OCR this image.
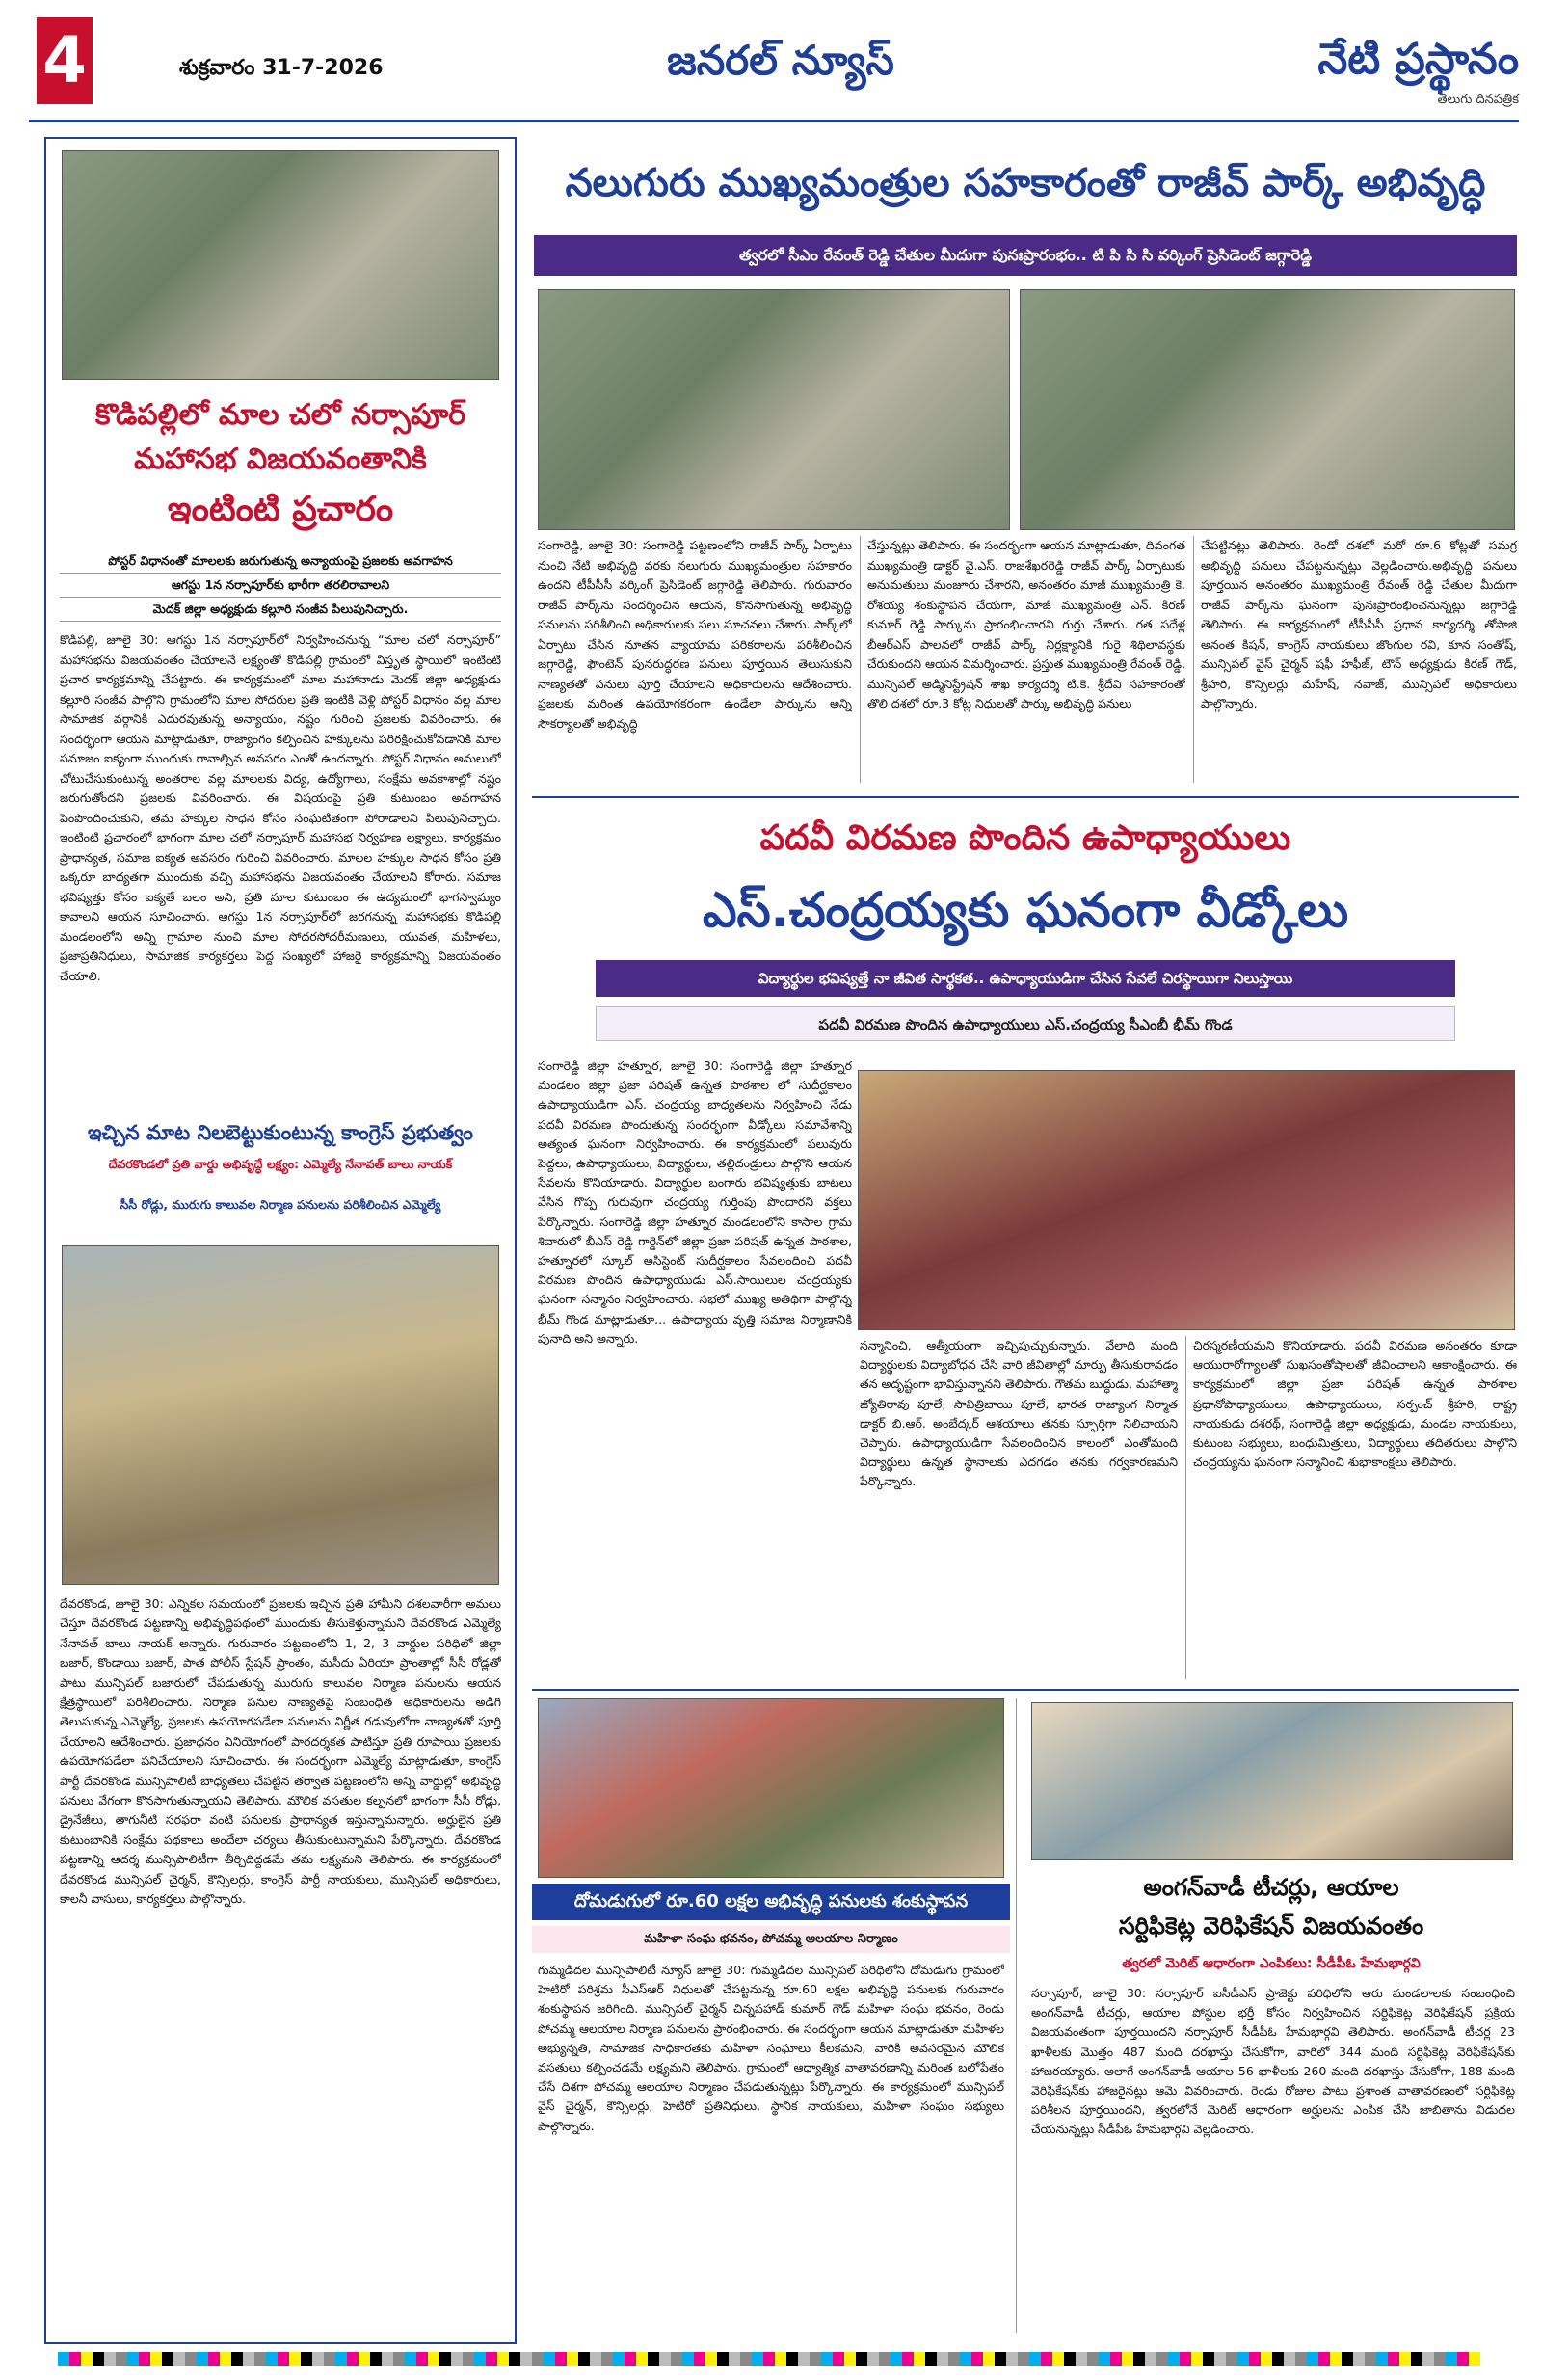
4	శుక్రవారం 31-7-2026	జనరల్ న్యూస్	నేటి ప్రస్థానం
తెలుగు దినపత్రిక
కొడిపల్లిలో మాల చలో నర్సాపూర్
మహాసభ విజయవంతానికి
ఇంటింటి ప్రచారం
పోస్టర్ విధానంతో మాలలకు జరుగుతున్న అన్యాయంపై ప్రజలకు అవగాహన
ఆగస్టు 1న నర్సాపూర్‌కు భారీగా తరలిరావాలని
మెదక్ జిల్లా అధ్యక్షుడు కల్లూరి సంజీవ పిలుపునిచ్చారు.
కొడిపల్లి, జూలై 30: ఆగస్టు 1న నర్సాపూర్‌లో నిర్వహించనున్న “మాల చలో నర్సాపూర్” మహాసభను విజయవంతం చేయాలనే లక్ష్యంతో కొడిపల్లి గ్రామంలో విస్తృత స్థాయిలో ఇంటింటి ప్రచార కార్యక్రమాన్ని చేపట్టారు. ఈ కార్యక్రమంలో మాల మహానాడు మెదక్ జిల్లా అధ్యక్షుడు కల్లూరి సంజీవ పాల్గొని గ్రామంలోని మాల సోదరుల ప్రతి ఇంటికి వెళ్లి పోస్టర్ విధానం వల్ల మాల సామాజిక వర్గానికి ఎదురవుతున్న అన్యాయం, నష్టం గురించి ప్రజలకు వివరించారు. ఈ సందర్భంగా ఆయన మాట్లాడుతూ, రాజ్యాంగం కల్పించిన హక్కులను పరిరక్షించుకోవడానికి మాల సమాజం ఐక్యంగా ముందుకు రావాల్సిన అవసరం ఎంతో ఉందన్నారు. పోస్టర్ విధానం అమలులో చోటుచేసుకుంటున్న అంతరాల వల్ల మాలలకు విద్య, ఉద్యోగాలు, సంక్షేమ అవకాశాల్లో నష్టం జరుగుతోందని ప్రజలకు వివరించారు. ఈ విషయంపై ప్రతి కుటుంబం అవగాహన పెంపొందించుకుని, తమ హక్కుల సాధన కోసం సంఘటితంగా పోరాడాలని పిలుపునిచ్చారు. ఇంటింటి ప్రచారంలో భాగంగా మాల చలో నర్సాపూర్ మహాసభ నిర్వహణ లక్ష్యాలు, కార్యక్రమం ప్రాధాన్యత, సమాజ ఐక్యత అవసరం గురించి వివరించారు. మాలల హక్కుల సాధన కోసం ప్రతి ఒక్కరూ బాధ్యతగా ముందుకు వచ్చి మహాసభను విజయవంతం చేయాలని కోరారు. సమాజ భవిష్యత్తు కోసం ఐక్యతే బలం అని, ప్రతి మాల కుటుంబం ఈ ఉద్యమంలో భాగస్వామ్యం కావాలని ఆయన సూచించారు. ఆగస్టు 1న నర్సాపూర్‌లో జరగనున్న మహాసభకు కొడిపల్లి మండలంలోని అన్ని గ్రామాల నుంచి మాల సోదరసోదరీమణులు, యువత, మహిళలు, ప్రజాప్రతినిధులు, సామాజిక కార్యకర్తలు పెద్ద సంఖ్యలో హాజరై కార్యక్రమాన్ని విజయవంతం చేయాలి.
ఇచ్చిన మాట నిలబెట్టుకుంటున్న కాంగ్రెస్ ప్రభుత్వం
దేవరకొండలో ప్రతి వార్డు అభివృద్ధే లక్ష్యం: ఎమ్మెల్యే నేనావత్ బాలు నాయక్
సీసీ రోడ్లు, మురుగు కాలువల నిర్మాణ పనులను పరిశీలించిన ఎమ్మెల్యే
దేవరకొండ, జూలై 30: ఎన్నికల సమయంలో ప్రజలకు ఇచ్చిన ప్రతి హామీని దశలవారీగా అమలు చేస్తూ దేవరకొండ పట్టణాన్ని అభివృద్ధిపథంలో ముందుకు తీసుకెళ్తున్నామని దేవరకొండ ఎమ్మెల్యే నేనావత్ బాలు నాయక్ అన్నారు. గురువారం పట్టణంలోని 1, 2, 3 వార్డుల పరిధిలో జిల్లా బజార్, కొండాయి బజార్, పాత పోలీస్ స్టేషన్ ప్రాంతం, మసీదు ఏరియా ప్రాంతాల్లో సీసీ రోడ్లతో పాటు మున్సిపల్ బజారులో చేపడుతున్న మురుగు కాలువల నిర్మాణ పనులను ఆయన క్షేత్రస్థాయిలో పరిశీలించారు. నిర్మాణ పనుల నాణ్యతపై సంబంధిత అధికారులను అడిగి తెలుసుకున్న ఎమ్మెల్యే, ప్రజలకు ఉపయోగపడేలా పనులను నిర్ణీత గడువులోగా నాణ్యతతో పూర్తి చేయాలని ఆదేశించారు. ప్రజాధనం వినియోగంలో పారదర్శకత పాటిస్తూ ప్రతి రూపాయి ప్రజలకు ఉపయోగపడేలా పనిచేయాలని సూచించారు. ఈ సందర్భంగా ఎమ్మెల్యే మాట్లాడుతూ, కాంగ్రెస్ పార్టీ దేవరకొండ మున్సిపాలిటీ బాధ్యతలు చేపట్టిన తర్వాత పట్టణంలోని అన్ని వార్డుల్లో అభివృద్ధి పనులు వేగంగా కొనసాగుతున్నాయని తెలిపారు. మౌలిక వసతుల కల్పనలో భాగంగా సీసీ రోడ్లు, డ్రైనేజీలు, తాగునీటి సరఫరా వంటి పనులకు ప్రాధాన్యత ఇస్తున్నామన్నారు. అర్హులైన ప్రతి కుటుంబానికి సంక్షేమ పథకాలు అందేలా చర్యలు తీసుకుంటున్నామని పేర్కొన్నారు. దేవరకొండ పట్టణాన్ని ఆదర్శ మున్సిపాలిటీగా తీర్చిదిద్దడమే తమ లక్ష్యమని తెలిపారు. ఈ కార్యక్రమంలో దేవరకొండ మున్సిపల్ చైర్మన్, కౌన్సిలర్లు, కాంగ్రెస్ పార్టీ నాయకులు, మున్సిపల్ అధికారులు, కాలనీ వాసులు, కార్యకర్తలు పాల్గొన్నారు.
నలుగురు ముఖ్యమంత్రుల సహకారంతో రాజీవ్ పార్క్ అభివృద్ధి
త్వరలో సీఎం రేవంత్ రెడ్డి చేతుల మీదుగా పునఃప్రారంభం.. టి పి సి సి వర్కింగ్ ప్రెసిడెంట్ జగ్గారెడ్డి
సంగారెడ్డి, జూలై 30: సంగారెడ్డి పట్టణంలోని రాజీవ్ పార్క్ ఏర్పాటు నుంచి నేటి అభివృద్ధి వరకు నలుగురు ముఖ్యమంత్రుల సహకారం ఉందని టీపీసీసీ వర్కింగ్ ప్రెసిడెంట్ జగ్గారెడ్డి తెలిపారు. గురువారం రాజీవ్ పార్క్‌ను సందర్శించిన ఆయన, కొనసాగుతున్న అభివృద్ధి పనులను పరిశీలించి అధికారులకు పలు సూచనలు చేశారు. పార్క్‌లో ఏర్పాటు చేసిన నూతన వ్యాయామ పరికరాలను పరిశీలించిన జగ్గారెడ్డి, ఫౌంటెన్ పునరుద్ధరణ పనులు పూర్తయిన తెలుసుకుని నాణ్యతతో పనులు పూర్తి చేయాలని అధికారులను ఆదేశించారు. ప్రజలకు మరింత ఉపయోగకరంగా ఉండేలా పార్కును అన్ని సౌకర్యాలతో అభివృద్ధి
చేస్తున్నట్లు తెలిపారు. ఈ సందర్భంగా ఆయన మాట్లాడుతూ, దివంగత ముఖ్యమంత్రి డాక్టర్ వై.ఎస్. రాజశేఖరరెడ్డి రాజీవ్ పార్క్ ఏర్పాటుకు అనుమతులు మంజూరు చేశారని, అనంతరం మాజీ ముఖ్యమంత్రి కె. రోశయ్య శంకుస్థాపన చేయగా, మాజీ ముఖ్యమంత్రి ఎన్. కిరణ్ కుమార్ రెడ్డి పార్కును ప్రారంభించారని గుర్తు చేశారు. గత పదేళ్ల బీఆర్ఎస్ పాలనలో రాజీవ్ పార్క్ నిర్లక్ష్యానికి గురై శిథిలావస్థకు చేరుకుందని ఆయన విమర్శించారు. ప్రస్తుత ముఖ్యమంత్రి రేవంత్ రెడ్డి, మున్సిపల్ అడ్మినిస్ట్రేషన్ శాఖ కార్యదర్శి టి.కె. శ్రీదేవి సహకారంతో తొలి దశలో రూ.3 కోట్ల నిధులతో పార్కు అభివృద్ధి పనులు
చేపట్టినట్లు తెలిపారు. రెండో దశలో మరో రూ.6 కోట్లతో సమగ్ర అభివృద్ధి పనులు చేపట్టనున్నట్లు వెల్లడించారు.అభివృద్ధి పనులు పూర్తయిన అనంతరం ముఖ్యమంత్రి రేవంత్ రెడ్డి చేతుల మీదుగా రాజీవ్ పార్క్‌ను ఘనంగా పునఃప్రారంభించనున్నట్లు జగ్గారెడ్డి తెలిపారు. ఈ కార్యక్రమంలో టీపీసీసీ ప్రధాన కార్యదర్శి తోపాజి అనంత కిషన్, కాంగ్రెస్ నాయకులు జొంగుల రవి, కూన సంతోష్, మున్సిపల్ వైస్ చైర్మన్ షఫీ హఫీజ్, టౌన్ అధ్యక్షుడు కిరణ్ గౌడ్, శ్రీహరి, కౌన్సిలర్లు మహేష్, నవాజ్, మున్సిపల్ అధికారులు పాల్గొన్నారు.
పదవీ విరమణ పొందిన ఉపాధ్యాయులు
ఎస్.చంద్రయ్యకు ఘనంగా వీడ్కోలు
విద్యార్థుల భవిష్యత్తే నా జీవిత సార్థకత.. ఉపాధ్యాయుడిగా చేసిన సేవలే చిరస్థాయిగా నిలుస్తాయి
పదవీ విరమణ పొందిన ఉపాధ్యాయులు ఎస్.చంద్రయ్య సీఎంబీ భీమ్ గొండ
సంగారెడ్డి జిల్లా హత్నూర, జూలై 30: సంగారెడ్డి జిల్లా హత్నూర మండలం జిల్లా ప్రజా పరిషత్ ఉన్నత పాఠశాల లో సుదీర్ఘకాలం ఉపాధ్యాయుడిగా ఎస్. చంద్రయ్య బాధ్యతలను నిర్వహించి నేడు పదవీ విరమణ పొందుతున్న సందర్భంగా వీడ్కోలు సమావేశాన్ని అత్యంత ఘనంగా నిర్వహించారు. ఈ కార్యక్రమంలో పలువురు పెద్దలు, ఉపాధ్యాయులు, విద్యార్థులు, తల్లిదండ్రులు పాల్గొని ఆయన సేవలను కొనియాడారు. విద్యార్థుల బంగారు భవిష్యత్తుకు బాటలు వేసిన గొప్ప గురువుగా చంద్రయ్య గుర్తింపు పొందారని వక్తలు పేర్కొన్నారు. సంగారెడ్డి జిల్లా హత్నూర మండలంలోని కాసాల గ్రామ శివారులో బీఎస్ రెడ్డి గార్డెన్‌లో జిల్లా ప్రజా పరిషత్ ఉన్నత పాఠశాల, హత్నూరలో స్కూల్ అసిస్టెంట్ సుదీర్ఘకాలం సేవలందించి పదవీ విరమణ పొందిన ఉపాధ్యాయుడు ఎస్.సాయిలుల చంద్రయ్యకు ఘనంగా సన్మానం నిర్వహించారు. సభలో ముఖ్య అతిథిగా పాల్గొన్న భీమ్ గొండ మాట్లాడుతూ... ఉపాధ్యాయ వృత్తి సమాజ నిర్మాణానికి పునాది అని అన్నారు.	సన్మానించి, ఆత్మీయంగా ఇచ్చిపుచ్చుకున్నారు. వేలాది మంది విద్యార్థులకు విద్యాబోధన చేసి వారి జీవితాల్లో మార్పు తీసుకురావడం తన అదృష్టంగా భావిస్తున్నానని తెలిపారు. గౌతమ బుద్ధుడు, మహాత్మా జ్యోతిరావు పూలే, సావిత్రిబాయి పూలే, భారత రాజ్యాంగ నిర్మాత డాక్టర్ బి.ఆర్. అంబేద్కర్ ఆశయాలు తనకు స్ఫూర్తిగా నిలిచాయని చెప్పారు. ఉపాధ్యాయుడిగా సేవలందించిన కాలంలో ఎంతోమంది విద్యార్థులు ఉన్నత స్థానాలకు ఎదగడం తనకు గర్వకారణమని పేర్కొన్నారు.
చిరస్మరణీయమని కొనియాడారు. పదవీ విరమణ అనంతరం కూడా ఆయురారోగ్యాలతో సుఖసంతోషాలతో జీవించాలని ఆకాంక్షించారు. ఈ కార్యక్రమంలో జిల్లా ప్రజా పరిషత్ ఉన్నత పాఠశాల ప్రధానోపాధ్యాయులు, ఉపాధ్యాయులు, సర్పంచ్ శ్రీహరి, రాష్ట్ర నాయకుడు దశరథ్, సంగారెడ్డి జిల్లా అధ్యక్షుడు, మండల నాయకులు, కుటుంబ సభ్యులు, బంధుమిత్రులు, విద్యార్థులు తదితరులు పాల్గొని చంద్రయ్యను ఘనంగా సన్మానించి శుభాకాంక్షలు తెలిపారు.
దోమడుగులో రూ.60 లక్షల అభివృద్ధి పనులకు శంకుస్థాపన
మహిళా సంఘ భవనం, పోచమ్మ ఆలయాల నిర్మాణం
గుమ్మడిదల మున్సిపాలిటీ న్యూస్ జూలై 30: గుమ్మడిదల మున్సిపల్ పరిధిలోని దోమడుగు గ్రామంలో హెటిరో పరిశ్రమ సీఎస్ఆర్ నిధులతో చేపట్టనున్న రూ.60 లక్షల అభివృద్ధి పనులకు గురువారం శంకుస్థాపన జరిగింది. మున్సిపల్ చైర్మన్ చిన్నపహాడ్ కుమార్ గౌడ్ మహిళా సంఘ భవనం, రెండు పోచమ్మ ఆలయాల నిర్మాణ పనులను ప్రారంభించారు. ఈ సందర్భంగా ఆయన మాట్లాడుతూ మహిళల అభ్యున్నతి, సామాజిక సాధికారతకు మహిళా సంఘాలు కీలకమని, వారికి అవసరమైన మౌలిక వసతులు కల్పించడమే లక్ష్యమని తెలిపారు. గ్రామంలో ఆధ్యాత్మిక వాతావరణాన్ని మరింత బలోపేతం చేసే దిశగా పోచమ్మ ఆలయాల నిర్మాణం చేపడుతున్నట్లు పేర్కొన్నారు. ఈ కార్యక్రమంలో మున్సిపల్ వైస్ చైర్మన్, కౌన్సిలర్లు, హెటిరో ప్రతినిధులు, స్థానిక నాయకులు, మహిళా సంఘం సభ్యులు పాల్గొన్నారు.
అంగన్‌వాడీ టీచర్లు, ఆయాల
సర్టిఫికెట్ల వెరిఫికేషన్ విజయవంతం
త్వరలో మెరిట్ ఆధారంగా ఎంపికలు: సీడీపీఓ హేమభార్గవి
నర్సాపూర్, జూలై 30: నర్సాపూర్ ఐసీడీఎస్ ప్రాజెక్టు పరిధిలోని ఆరు మండలాలకు సంబంధించి అంగన్‌వాడీ టీచర్లు, ఆయాల పోస్టుల భర్తీ కోసం నిర్వహించిన సర్టిఫికెట్ల వెరిఫికేషన్ ప్రక్రియ విజయవంతంగా పూర్తయిందని నర్సాపూర్ సీడీపీఓ హేమభార్గవి తెలిపారు. అంగన్‌వాడీ టీచర్ల 23 ఖాళీలకు మొత్తం 487 మంది దరఖాస్తు చేసుకోగా, వారిలో 344 మంది సర్టిఫికెట్ల వెరిఫికేషన్‌కు హాజరయ్యారు. అలాగే అంగన్‌వాడీ ఆయాల 56 ఖాళీలకు 260 మంది దరఖాస్తు చేసుకోగా, 188 మంది వెరిఫికేషన్‌కు హాజరైనట్లు ఆమె వివరించారు. రెండు రోజుల పాటు ప్రశాంత వాతావరణంలో సర్టిఫికెట్ల పరిశీలన పూర్తయిందని, త్వరలోనే మెరిట్ ఆధారంగా అర్హులను ఎంపిక చేసి జాబితాను విడుదల చేయనున్నట్లు సీడీపీఓ హేమభార్గవి వెల్లడించారు.
